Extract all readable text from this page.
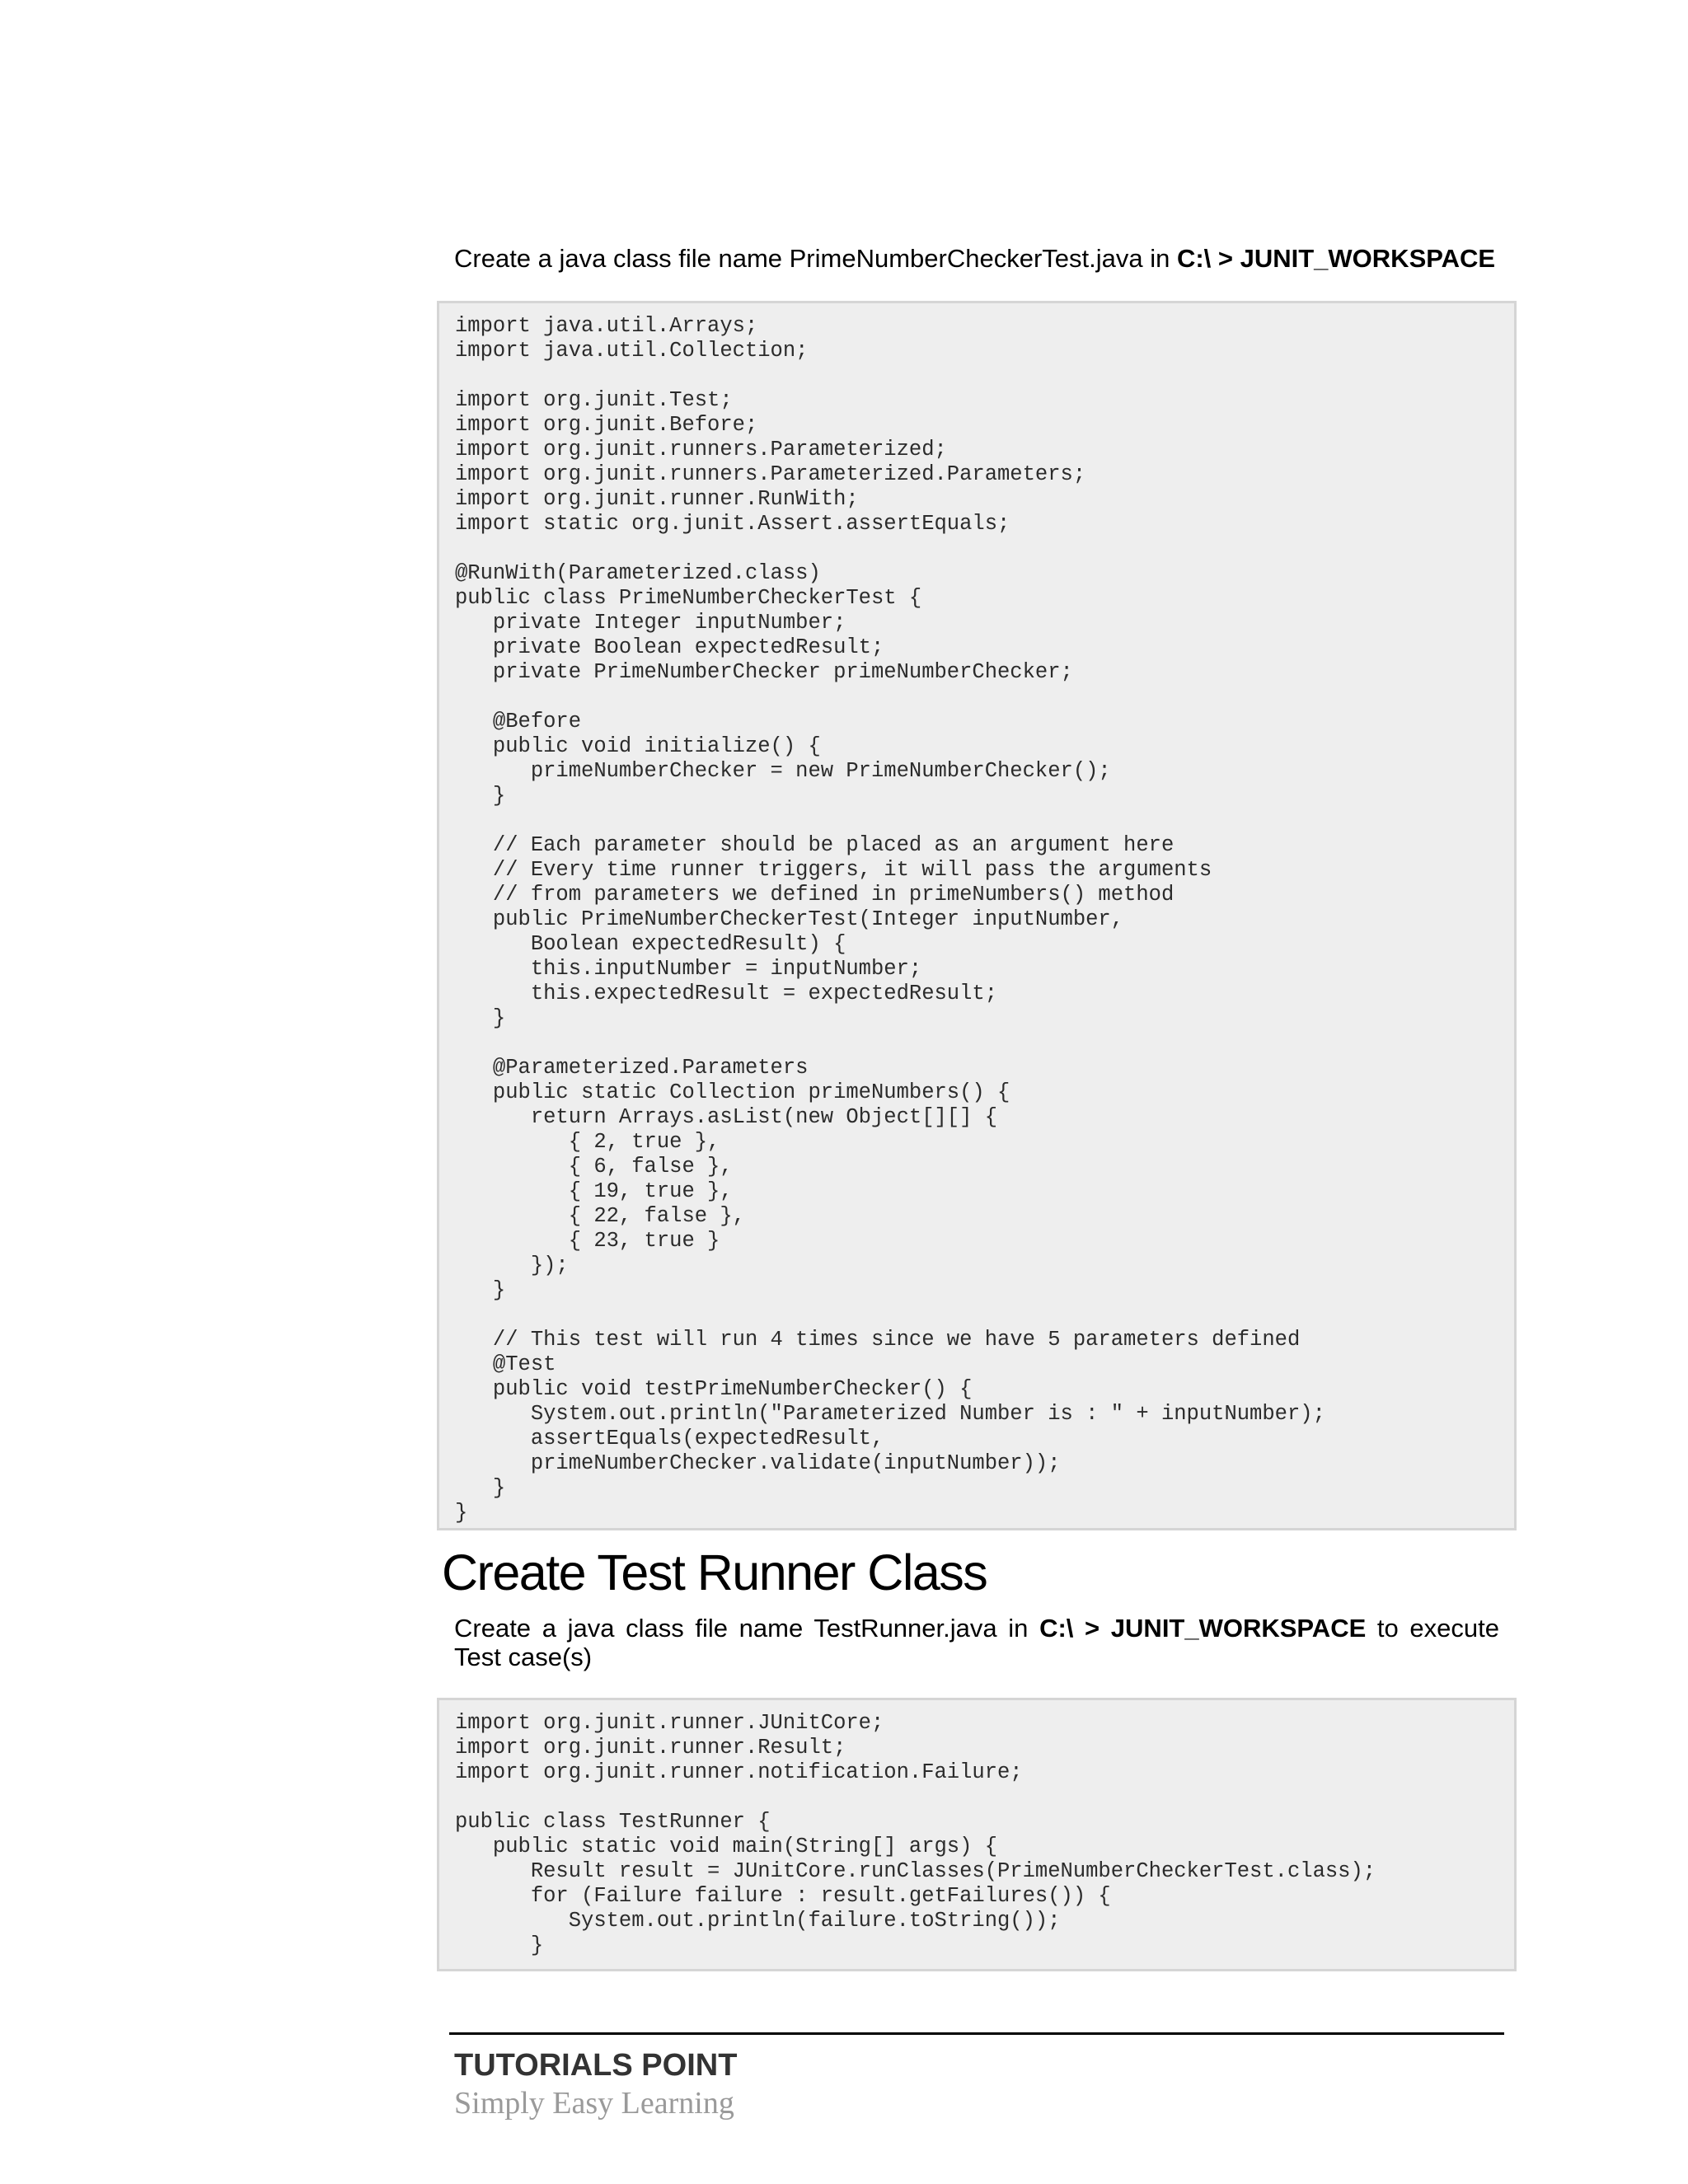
Create a java class file name PrimeNumberCheckerTest.java in C:\ > JUNIT_WORKSPACE

import java.util.Arrays;
import java.util.Collection;

import org.junit.Test;
import org.junit.Before;
import org.junit.runners.Parameterized;
import org.junit.runners.Parameterized.Parameters;
import org.junit.runner.RunWith;
import static org.junit.Assert.assertEquals;

@RunWith(Parameterized.class)
public class PrimeNumberCheckerTest {
private Integer inputNumber;
private Boolean expectedResult;
private PrimeNumberChecker primeNumberChecker;

@Before
public void initialize() {
primeNumberChecker = new PrimeNumberChecker();
}

// Each parameter should be placed as an argument here
// Every time runner triggers, it will pass the arguments
// from parameters we defined in primeNumbers() method
public PrimeNumberCheckerTest(Integer inputNumber,
Boolean expectedResult) {
this.inputNumber = inputNumber;
this.expectedResult = expectedResult;
}

@Parameterized.Parameters
public static Collection primeNumbers() {
return Arrays.asList(new Object[][] {
{ 2, true },
{ 6, false },
{ 19, true },
{ 22, false },
{ 23, true }
});
}

// This test will run 4 times since we have 5 parameters defined
@Test
public void testPrimeNumberChecker() {
System.out.println("Parameterized Number is : " + inputNumber);
assertEquals(expectedResult,
primeNumberChecker.validate(inputNumber));
}
}
Create Test Runner Class

Create a java class file name TestRunner.java in C:\ > JUNIT_WORKSPACE to execute Test case(s)

import org.junit.runner.JUnitCore;
import org.junit.runner.Result;
import org.junit.runner.notification.Failure;

public class TestRunner {
public static void main(String[] args) {
Result result = JUnitCore.runClasses(PrimeNumberCheckerTest.class);
for (Failure failure : result.getFailures()) {
System.out.println(failure.toString());
}

TUTORIALS POINT

Simply Easy Learning
